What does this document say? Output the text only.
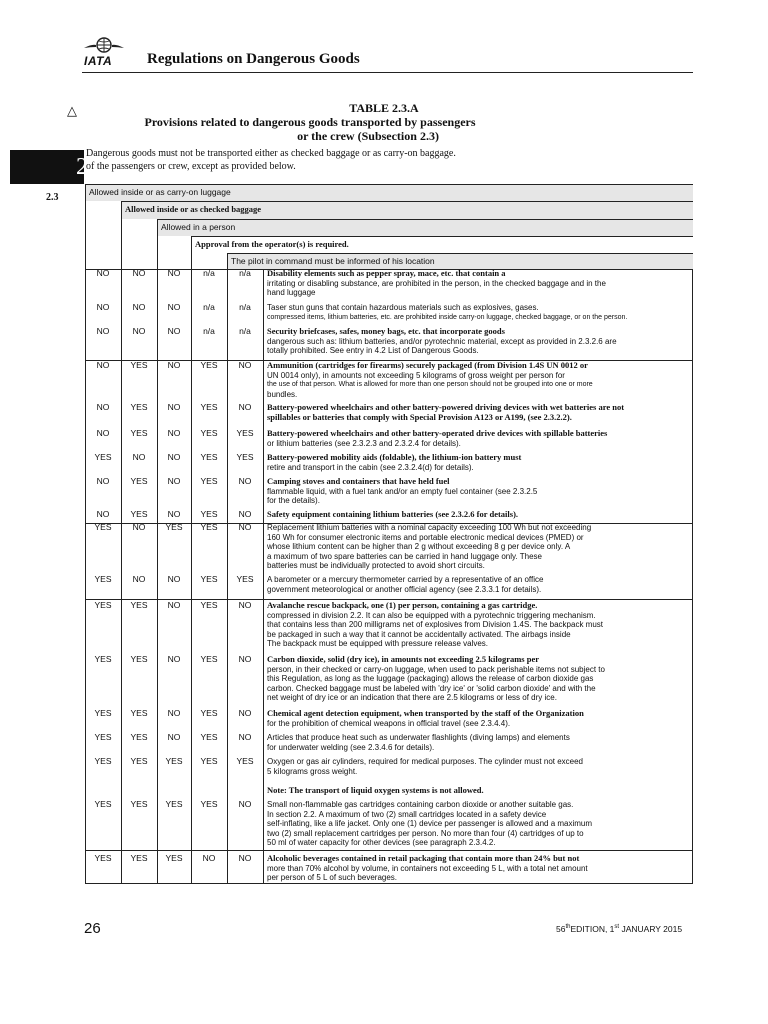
IATA Regulations on Dangerous Goods
△	TABLE 2.3.A
Provisions related to dangerous goods transported by passengers
or the crew (Subsection 2.3)
2
2.3
Dangerous goods must not be transported either as checked baggage or as carry-on baggage.
of the passengers or crew, except as provided below.
Allowed inside or as carry-on luggage
Allowed inside or as checked baggage
Allowed in a person
Approval from the operator(s) is required.
The pilot in command must be informed of his location
NO	NO	NO	n/a	n/a	Disability elements such as pepper spray, mace, etc. that contain a
irritating or disabling substance, are prohibited in the person, in the checked baggage and in the
hand luggage
NO	NO	NO	n/a	n/a	Taser stun guns that contain hazardous materials such as explosives, gases.
compressed items, lithium batteries, etc. are prohibited inside carry-on luggage, checked baggage, or on the person.
NO	NO	NO	n/a	n/a	Security briefcases, safes, money bags, etc. that incorporate goods
dangerous such as: lithium batteries, and/or pyrotechnic material, except as provided in 2.3.2.6 are
totally prohibited. See entry in 4.2 List of Dangerous Goods.
NO	YES	NO	YES	NO	Ammunition (cartridges for firearms) securely packaged (from Division 1.4S UN 0012 or
UN 0014 only), in amounts not exceeding 5 kilograms of gross weight per person for
the use of that person. What is allowed for more than one person should not be grouped into one or more
bundles.
NO	YES	NO	YES	NO	Battery-powered wheelchairs and other battery-powered driving devices with wet batteries are not
spillables or batteries that comply with Special Provision A123 or A199, (see 2.3.2.2).
NO	YES	NO	YES	YES	Battery-powered wheelchairs and other battery-operated drive devices with spillable batteries
or lithium batteries (see 2.3.2.3 and 2.3.2.4 for details).
YES	NO	NO	YES	YES	Battery-powered mobility aids (foldable), the lithium-ion battery must
retire and transport in the cabin (see 2.3.2.4(d) for details).
NO	YES	NO	YES	NO	Camping stoves and containers that have held fuel
flammable liquid, with a fuel tank and/or an empty fuel container (see 2.3.2.5
for the details).
NO	YES	NO	YES	NO	Safety equipment containing lithium batteries (see 2.3.2.6 for details).
YES	NO	YES	YES	NO	Replacement lithium batteries with a nominal capacity exceeding 100 Wh but not exceeding
160 Wh for consumer electronic items and portable electronic medical devices (PMED) or
whose lithium content can be higher than 2 g without exceeding 8 g per device only. A
a maximum of two spare batteries can be carried in hand luggage only. These
batteries must be individually protected to avoid short circuits.
YES	NO	NO	YES	YES	A barometer or a mercury thermometer carried by a representative of an office
government meteorological or another official agency (see 2.3.3.1 for details).
YES	YES	NO	YES	NO	Avalanche rescue backpack, one (1) per person, containing a gas cartridge.
compressed in division 2.2. It can also be equipped with a pyrotechnic triggering mechanism.
that contains less than 200 milligrams net of explosives from Division 1.4S. The backpack must
be packaged in such a way that it cannot be accidentally activated. The airbags inside
The backpack must be equipped with pressure release valves.
YES	YES	NO	YES	NO	Carbon dioxide, solid (dry ice), in amounts not exceeding 2.5 kilograms per
person, in their checked or carry-on luggage, when used to pack perishable items not subject to
this Regulation, as long as the luggage (packaging) allows the release of carbon dioxide gas
carbon. Checked baggage must be labeled with 'dry ice' or 'solid carbon dioxide' and with the
net weight of dry ice or an indication that there are 2.5 kilograms or less of dry ice.
YES	YES	NO	YES	NO	Chemical agent detection equipment, when transported by the staff of the Organization
for the prohibition of chemical weapons in official travel (see 2.3.4.4).
YES	YES	NO	YES	NO	Articles that produce heat such as underwater flashlights (diving lamps) and elements
for underwater welding (see 2.3.4.6 for details).
YES	YES	YES	YES	YES	Oxygen or gas air cylinders, required for medical purposes. The cylinder must not exceed
5 kilograms gross weight.
Note: The transport of liquid oxygen systems is not allowed.
YES	YES	YES	YES	NO	Small non-flammable gas cartridges containing carbon dioxide or another suitable gas.
In section 2.2. A maximum of two (2) small cartridges located in a safety device
self-inflating, like a life jacket. Only one (1) device per passenger is allowed and a maximum
two (2) small replacement cartridges per person. No more than four (4) cartridges of up to
50 ml of water capacity for other devices (see paragraph 2.3.4.2.
YES	YES	YES	NO	NO	Alcoholic beverages contained in retail packaging that contain more than 24% but not
more than 70% alcohol by volume, in containers not exceeding 5 L, with a total net amount
per person of 5 L of such beverages.
26	56thEDITION, 1st JANUARY 2015
